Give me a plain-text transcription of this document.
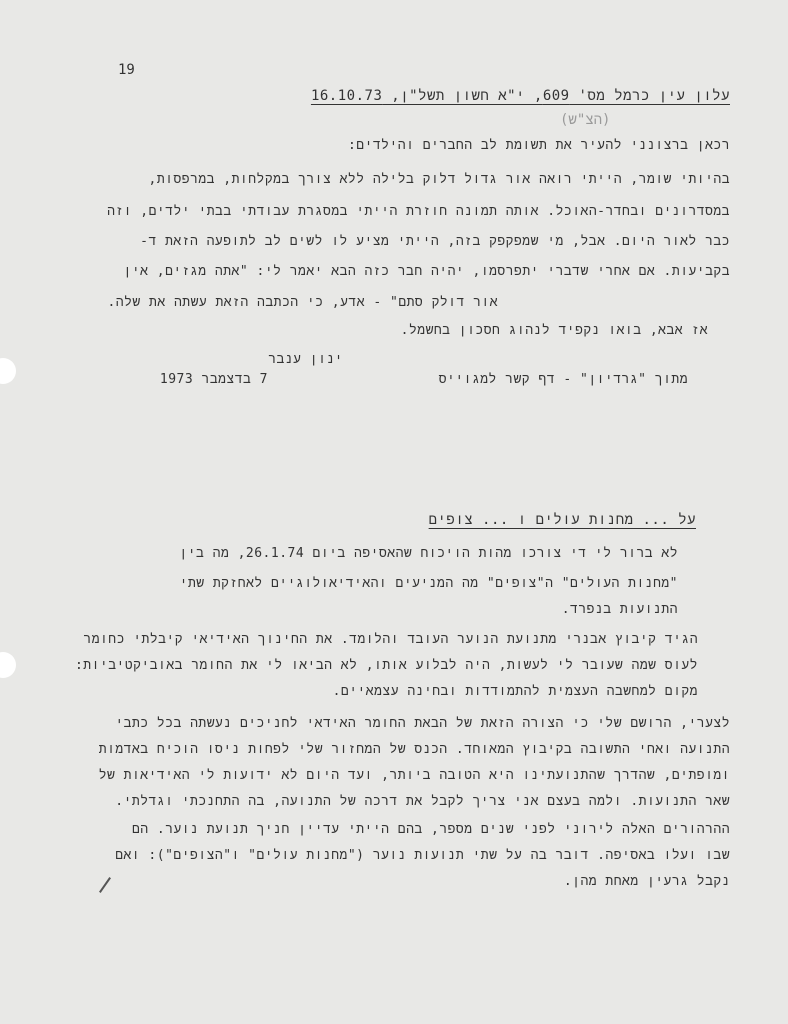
19
(הצ"ש)
עלון עין כרמל מס' 609, י"א חשון תשל"ן, 16.10.73
רכאן ברצונני להעיר את תשומת לב החברים והילדים:
בהיותי שומר, הייתי רואה אור גדול דלוק בלילה ללא צורך במקלחות, במרפסות,
במסדרונים ובחדר-האוכל. אותה תמונה חוזרת הייתי במסגרת עבודתי בבתי ילדים, וזה
כבר לאור היום. אבל, מי שמפקפק בזה, הייתי מציע לו לשים לב לתופעה הזאת ד-
בקביעות. אם אחרי שדברי יתפרסמו, יהיה חבר כזה הבא יאמר לי: "אתה מגזים, אין
אור דולק סתם" - אדע, כי הכתבה הזאת עשתה את שלה.
אז אבא, בואו נקפיד לנהוג חסכון בחשמל.
ינון ענבר
מתוך "גרדיון" - דף קשר למגוייס
7 בדצמבר 1973
על ... מחנות עולים ו ... צופים
לא ברור לי די צורכו מהות הויכוח שהאסיפה ביום 26.1.74, מה בין
"מחנות העולים" ה"צופים" מה המניעים והאידיאולוגיים לאחזקת שתי
התנועות בנפרד.
הגיד קיבוץ אבנרי מתנועת הנוער העובד והלומד. את החינוך האידיאי קיבלתי כחומר
לעוס שמה שעובר לי לעשות, היה לבלוע אותו, לא הביאו לי את החומר באוביקטיביות:
מקום למחשבה העצמית להתמודדות ובחינה עצמאיים.
לצערי, הרושם שלי כי הצורה הזאת של הבאת החומר האידאי לחניכים נעשתה בכל כתבי
התנועה ואחי התשובה בקיבוץ המאוחד. הכנס של המחזור שלי לפחות ניסו הוכיח באדמות
ומופתים, שהדרך שהתנועתינו היא הטובה ביותר, ועד היום לא ידועות לי האידיאות של
שאר התנועות. ולמה בעצם אני צריך לקבל את דרכה של התנועה, בה התחנכתי וגדלתי.
ההרהורים האלה לירוני לפני שנים מספר, בהם הייתי עדיין חניך תנועת נוער. הם
שבו ועלו באסיפה. דובר בה על שתי תנועות נוער ("מחנות עולים" ו"הצופים"): ואם
נקבל גרעין מאחת מהן.
